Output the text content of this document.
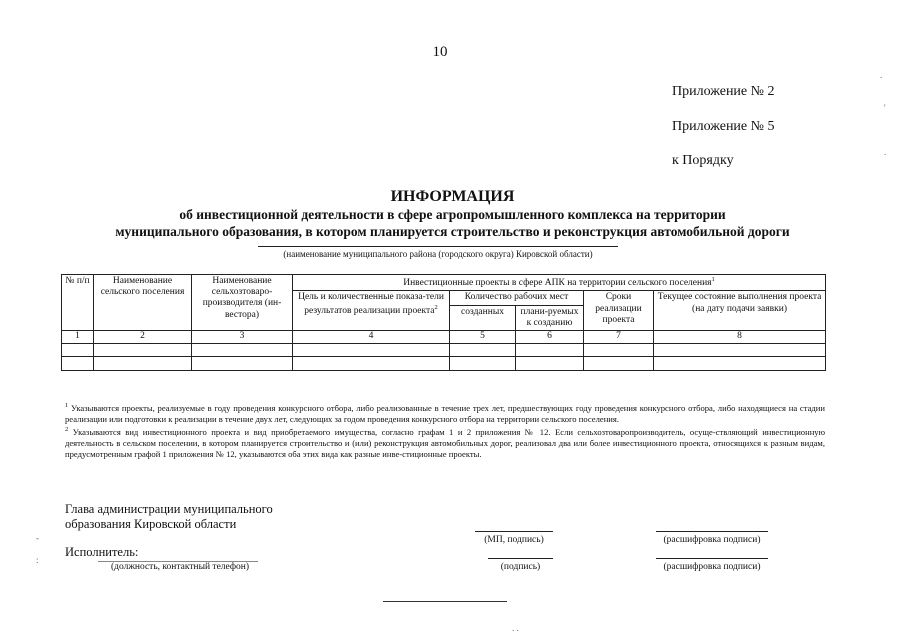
10
Приложение № 2
Приложение № 5
к Порядку
ИНФОРМАЦИЯ
об инвестиционной деятельности в сфере агропромышленного комплекса на территории
муниципального образования, в котором планируется строительство и реконструкция автомобильной дороги
(наименование муниципального района (городского округа) Кировской области)
№ п/п	Наименование сельского поселения	Наименование сельхозтоваро-производителя (ин-вестора)	Инвестиционные проекты в сфере АПК на территории сельского поселения$^1$
			Цель и количественные показа-тели результатов реализации проекта$^2$	Количество рабочих мест		Сроки реализации проекта	Текущее состояние выполнения проекта (на дату подачи заявки)
				созданных	плани-руемых к созданию		
1	2	3	4	5	6	7	8

$^1$ Указываются проекты, реализуемые в году проведения конкурсного отбора, либо реализованные в течение трех лет, предшествующих году проведения конкурсного отбора, либо находящиеся на стадии реализации или подготовки к реализации в течение двух лет, следующих за годом проведения конкурсного отбора на территории сельского поселения.

$^2$ Указываются вид инвестиционного проекта и вид приобретаемого имущества, согласно графам 1 и 2 приложения № 12. Если сельхозтоваропроизводитель, осуще-ствляющий инвестиционную деятельность в сельском поселении, в котором планируется строительство и (или) реконструкция автомобильных дорог, реализовал два или более инвестиционного проекта, относящихся к разным видам, предусмотренным графой 1 приложения № 12, указываются оба этих вида как разные инве-стиционные проекты.

Глава администрации муниципального
образования Кировской области
(МП, подпись)	(расшифровка подписи)
Исполнитель:
(должность, контактный телефон)	(подпись)	(расшифровка подписи)
.
'
.
-
:
. .
